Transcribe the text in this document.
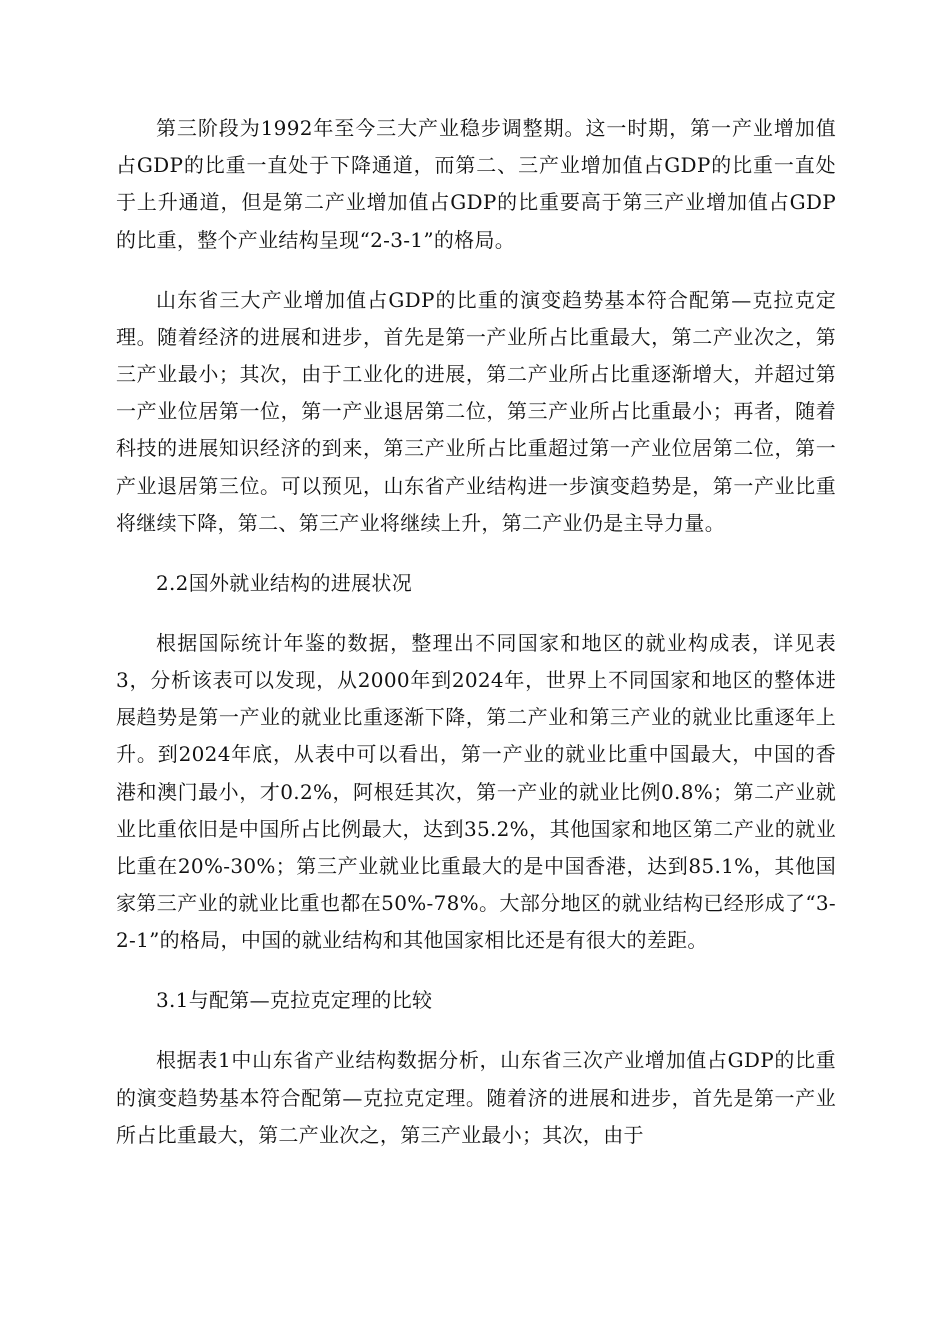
第三阶段为1992年至今三大产业稳步调整期。这一时期，第一产业增加值占GDP的比重一直处于下降通道，而第二、三产业增加值占GDP的比重一直处于上升通道，但是第二产业增加值占GDP的比重要高于第三产业增加值占GDP的比重，整个产业结构呈现“2-3-1”的格局。

山东省三大产业增加值占GDP的比重的演变趋势基本符合配第—克拉克定理。随着经济的进展和进步，首先是第一产业所占比重最大，第二产业次之，第三产业最小；其次，由于工业化的进展，第二产业所占比重逐渐增大，并超过第一产业位居第一位，第一产业退居第二位，第三产业所占比重最小；再者，随着科技的进展知识经济的到来，第三产业所占比重超过第一产业位居第二位，第一产业退居第三位。可以预见，山东省产业结构进一步演变趋势是，第一产业比重将继续下降，第二、第三产业将继续上升，第二产业仍是主导力量。

2.2国外就业结构的进展状况

根据国际统计年鉴的数据，整理出不同国家和地区的就业构成表，详见表3，分析该表可以发现，从2000年到2024年，世界上不同国家和地区的整体进展趋势是第一产业的就业比重逐渐下降，第二产业和第三产业的就业比重逐年上升。到2024年底，从表中可以看出，第一产业的就业比重中国最大，中国的香港和澳门最小，才0.2%，阿根廷其次，第一产业的就业比例0.8%；第二产业就业比重依旧是中国所占比例最大，达到35.2%，其他国家和地区第二产业的就业比重在20%-30%；第三产业就业比重最大的是中国香港，达到85.1%，其他国家第三产业的就业比重也都在50%-78%。大部分地区的就业结构已经形成了“3-2-1”的格局，中国的就业结构和其他国家相比还是有很大的差距。

3.1与配第—克拉克定理的比较

根据表1中山东省产业结构数据分析，山东省三次产业增加值占GDP的比重的演变趋势基本符合配第—克拉克定理。随着济的进展和进步，首先是第一产业所占比重最大，第二产业次之，第三产业最小；其次，由于
